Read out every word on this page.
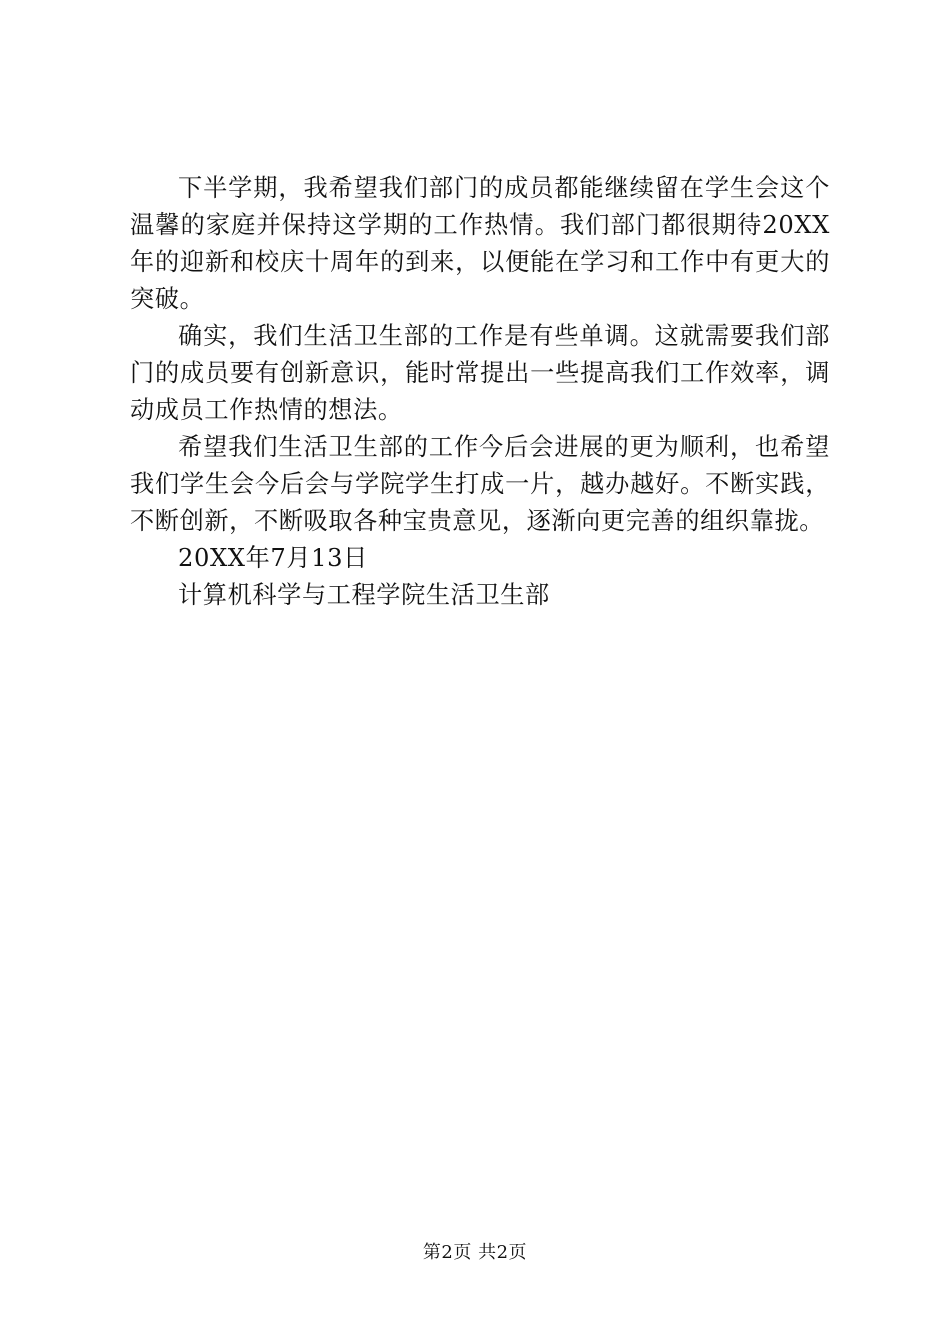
下半学期，我希望我们部门的成员都能继续留在学生会这个温馨的家庭并保持这学期的工作热情。我们部门都很期待20XX年的迎新和校庆十周年的到来，以便能在学习和工作中有更大的突破。

确实，我们生活卫生部的工作是有些单调。这就需要我们部门的成员要有创新意识，能时常提出一些提高我们工作效率，调动成员工作热情的想法。

希望我们生活卫生部的工作今后会进展的更为顺利，也希望我们学生会今后会与学院学生打成一片，越办越好。不断实践，不断创新，不断吸取各种宝贵意见，逐渐向更完善的组织靠拢。

20XX年7月13日

计算机科学与工程学院生活卫生部

第2页 共2页
